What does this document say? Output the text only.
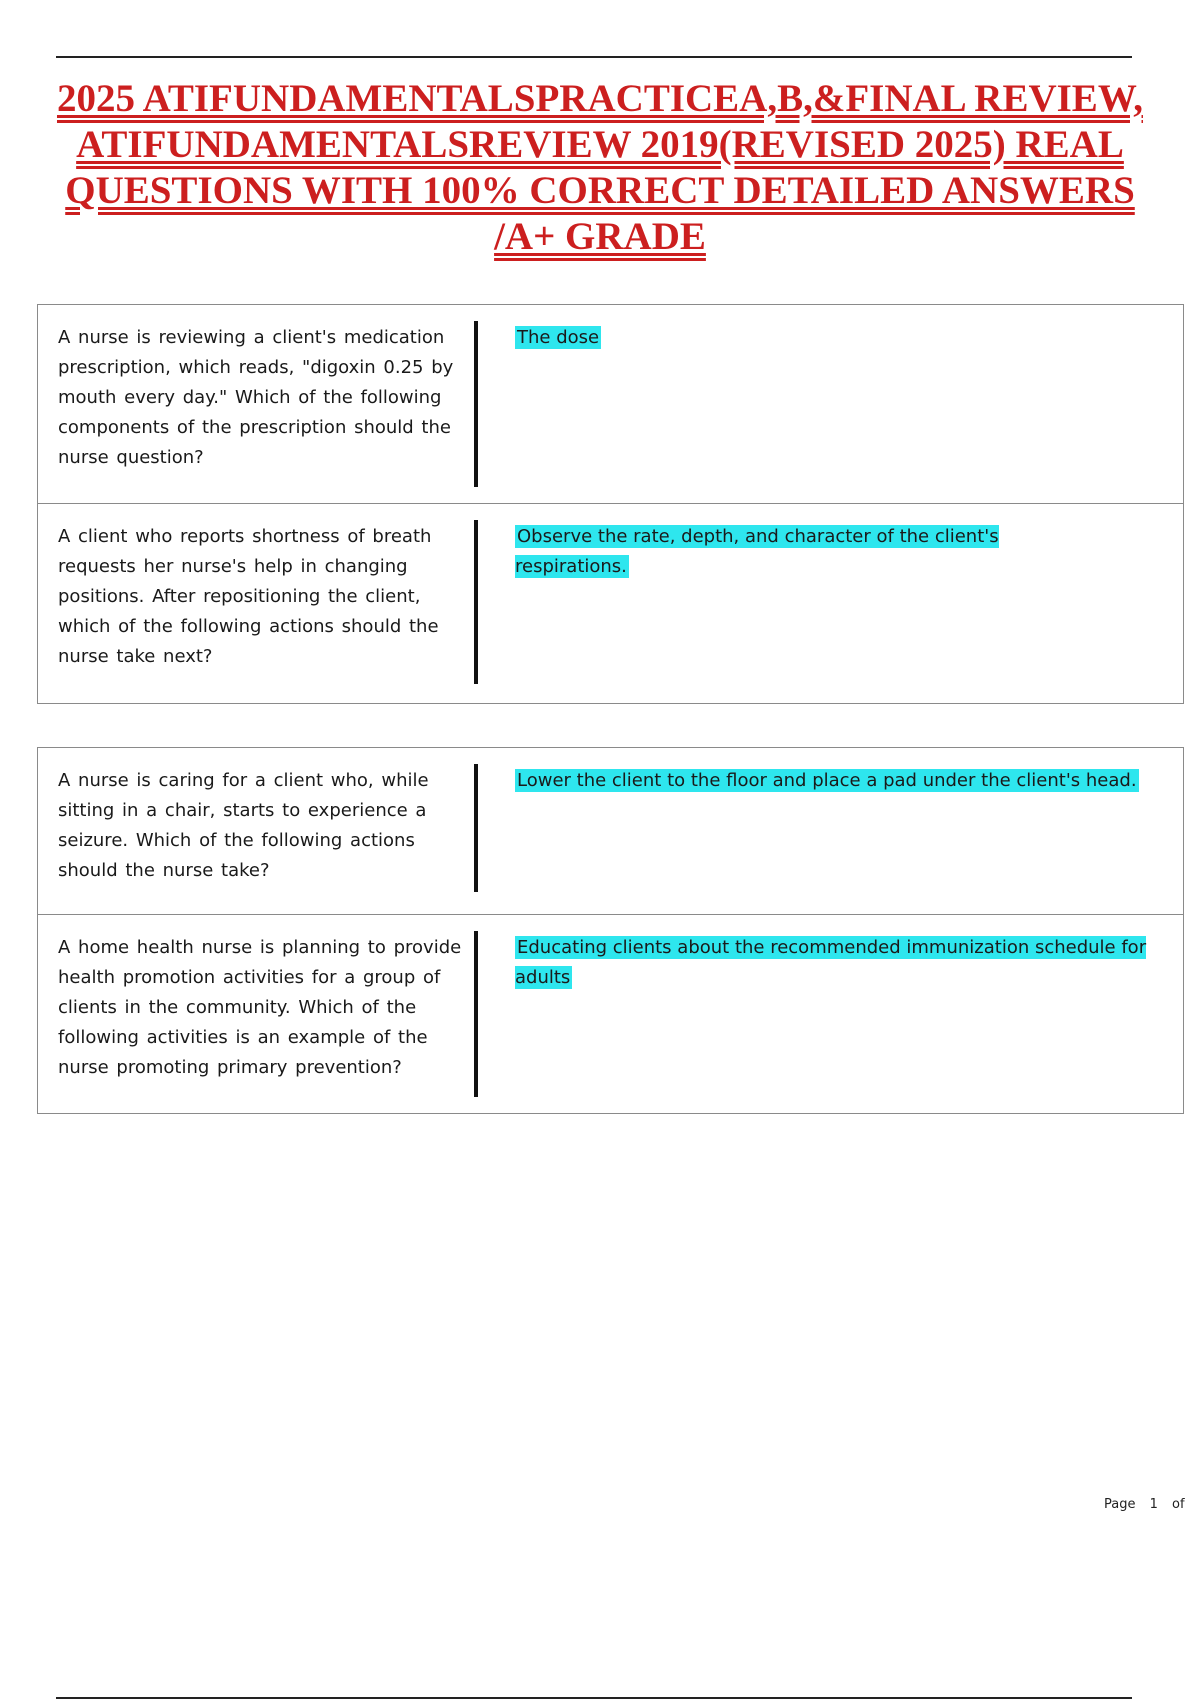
2025 ATIFUNDAMENTALSPRACTICEA,B,&FINAL REVIEW, ATIFUNDAMENTALSREVIEW 2019(REVISED 2025) REAL QUESTIONS WITH 100% CORRECT DETAILED ANSWERS /A+ GRADE
A nurse is reviewing a client's medication prescription, which reads, "digoxin 0.25 by mouth every day." Which of the following components of the prescription should the nurse question?
The dose
A client who reports shortness of breath requests her nurse's help in changing positions. After repositioning the client, which of the following actions should the nurse take next?
Observe the rate, depth, and character of the client's respirations.
A nurse is caring for a client who, while sitting in a chair, starts to experience a seizure. Which of the following actions should the nurse take?
Lower the client to the floor and place a pad under the client's head.
A home health nurse is planning to provide health promotion activities for a group of clients in the community. Which of the following activities is an example of the nurse promoting primary prevention?
Educating clients about the recommended immunization schedule for adults
Page 1 of
